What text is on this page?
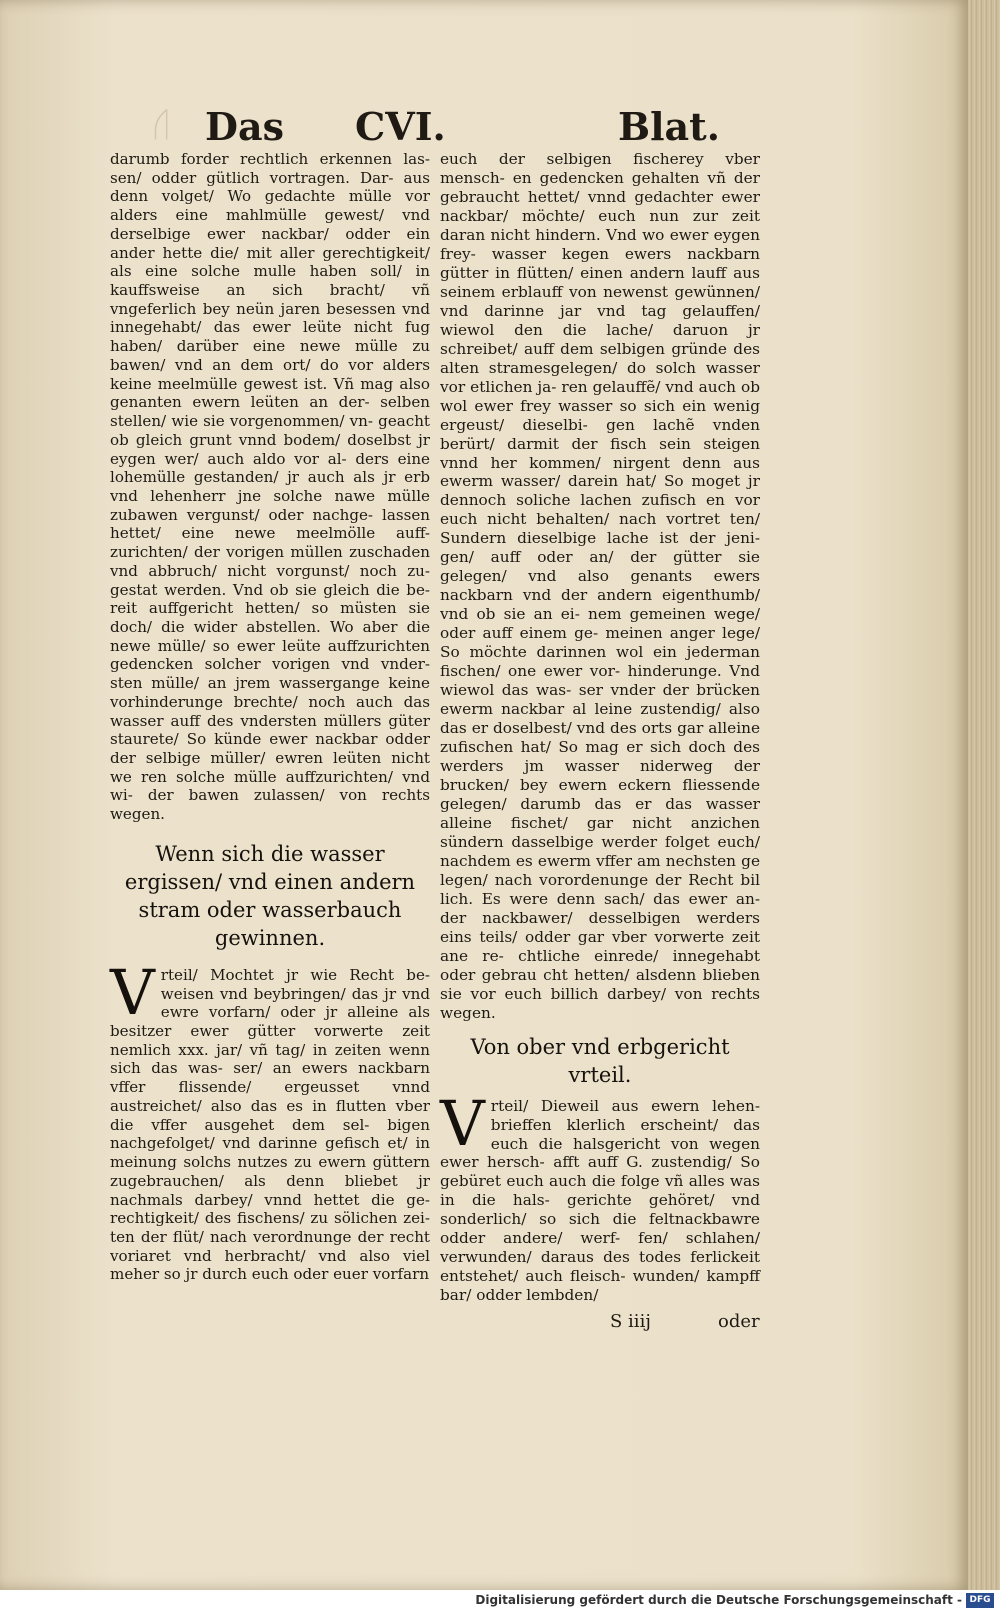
ᚢ Das CVI.	Blat.

darumb forder rechtlich erkennen las- sen/ odder gütlich vortragen. Dar- aus denn volget/ Wo gedachte mülle vor alders eine mahlmülle gewest/ vnd derselbige ewer nackbar/ odder ein ander hette die/ mit aller gerechtigkeit/ als eine solche mulle haben soll/ in kauffsweise an sich bracht/ vñ vngeferlich bey neün jaren besessen vnd innegehabt/ das ewer leüte nicht fug haben/ darüber eine newe mülle zu bawen/ vnd an dem ort/ do vor alders keine meelmülle gewest ist. Vñ mag also genanten ewern leüten an der- selben stellen/ wie sie vorgenommen/ vn- geacht ob gleich grunt vnnd bodem/ doselbst jr eygen wer/ auch aldo vor al- ders eine lohemülle gestanden/ jr auch als jr erb vnd lehenherr jne solche nawe mülle zubawen vergunst/ oder nachge- lassen hettet/ eine newe meelmölle auff- zurichten/ der vorigen müllen zuschaden vnd abbruch/ nicht vorgunst/ noch zu- gestat werden. Vnd ob sie gleich die be- reit auffgericht hetten/ so müsten sie doch/ die wider abstellen. Wo aber die newe mülle/ so ewer leüte auffzurichten gedencken solcher vorigen vnd vnder- sten mülle/ an jrem wassergange keine vorhinderunge brechte/ noch auch das wasser auff des vndersten müllers güter staurete/ So künde ewer nackbar odder der selbige müller/ ewren leüten nicht we ren solche mülle auffzurichten/ vnd wi- der bawen zulassen/ von rechts wegen.

Wenn sich die wasser ergissen/ vnd einen andern stram oder wasserbauch gewinnen.

Vrteil/ Mochtet jr wie Recht be- weisen vnd beybringen/ das jr vnd ewre vorfarn/ oder jr alleine als besitzer ewer gütter vorwerte zeit nemlich xxx. jar/ vñ tag/ in zeiten wenn sich das was- ser/ an ewers nackbarn vffer flissende/ ergeusset vnnd austreichet/ also das es in flutten vber die vffer ausgehet dem sel- bigen nachgefolget/ vnd darinne gefisch et/ in meinung solchs nutzes zu ewern güttern zugebrauchen/ als denn bliebet jr nachmals darbey/ vnnd hettet die ge- rechtigkeit/ des fischens/ zu sölichen zei- ten der flüt/ nach verordnunge der recht voriaret vnd herbracht/ vnd also viel meher so jr durch euch oder euer vorfarn

euch der selbigen fischerey vber mensch- en gedencken gehalten vñ der gebraucht hettet/ vnnd gedachter ewer nackbar/ möchte/ euch nun zur zeit daran nicht hindern. Vnd wo ewer eygen frey- wasser kegen ewers nackbarn gütter in flütten/ einen andern lauff aus seinem erblauff von newenst gewünnen/ vnd darinne jar vnd tag gelauffen/ wiewol den die lache/ daruon jr schreibet/ auff dem selbigen gründe des alten stramesgelegen/ do solch wasser vor etlichen ja- ren gelauffẽ/ vnd auch ob wol ewer frey wasser so sich ein wenig ergeust/ dieselbi- gen lachẽ vnden berürt/ darmit der fisch sein steigen vnnd her kommen/ nirgent denn aus ewerm wasser/ darein hat/ So moget jr dennoch soliche lachen zufisch en vor euch nicht behalten/ nach vortret ten/ Sundern dieselbige lache ist der jeni- gen/ auff oder an/ der gütter sie gelegen/ vnd also genants ewers nackbarn vnd der andern eigenthumb/ vnd ob sie an ei- nem gemeinen wege/ oder auff einem ge- meinen anger lege/ So möchte darinnen wol ein jederman fischen/ one ewer vor- hinderunge. Vnd wiewol das was- ser vnder der brücken ewerm nackbar al leine zustendig/ also das er doselbest/ vnd des orts gar alleine zufischen hat/ So mag er sich doch des werders jm wasser niderweg der brucken/ bey ewern eckern fliessende gelegen/ darumb das er das wasser alleine fischet/ gar nicht anzichen sündern dasselbige werder folget euch/ nachdem es ewerm vffer am nechsten ge legen/ nach vorordenunge der Recht bil lich. Es were denn sach/ das ewer an- der nackbawer/ desselbigen werders eins teils/ odder gar vber vorwerte zeit ane re- chtliche einrede/ innegehabt oder gebrau cht hetten/ alsdenn blieben sie vor euch billich darbey/ von rechts wegen.

Von ober vnd erbgericht vrteil.

Vrteil/ Dieweil aus ewern lehen- brieffen klerlich erscheint/ das euch die halsgericht von wegen ewer hersch- afft auff G. zustendig/ So gebüret euch auch die folge vñ alles was in die hals- gerichte gehöret/ vnd sonderlich/ so sich die feltnackbawre odder andere/ werf- fen/ schlahen/ verwunden/ daraus des todes ferlickeit entstehet/ auch fleisch- wunden/ kampff bar/ odder lembden/

S iiij	oder
Digitalisierung gefördert durch die Deutsche Forschungsgemeinschaft - DFG
